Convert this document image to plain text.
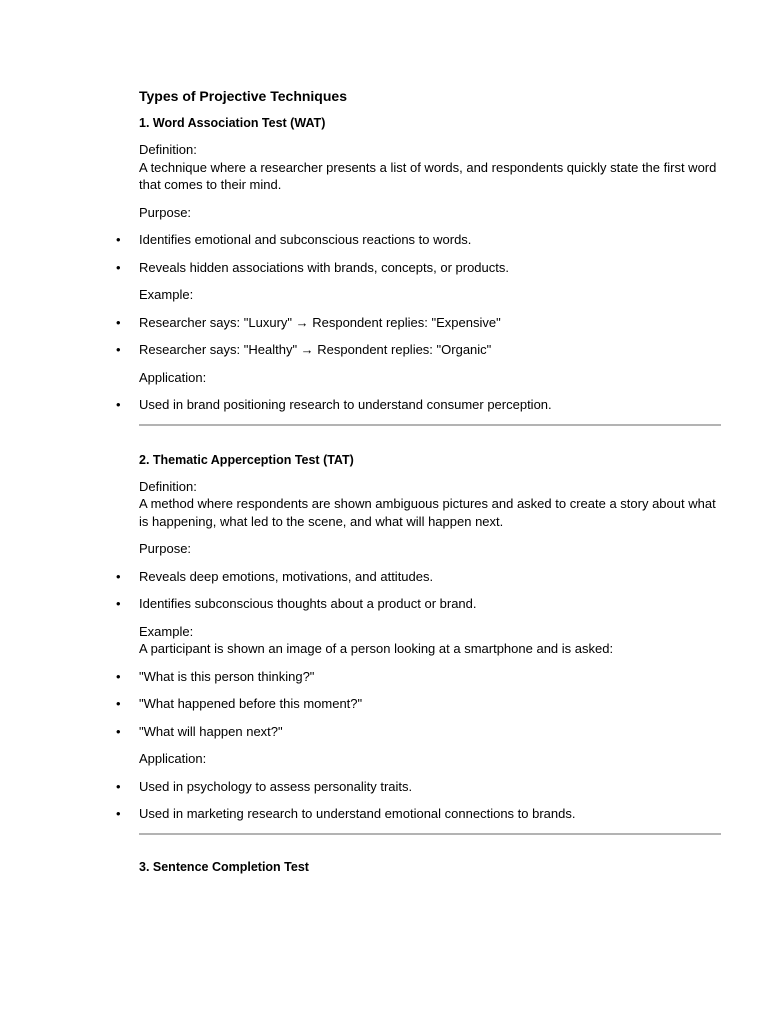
Types of Projective Techniques
1. Word Association Test (WAT)

Definition:
A technique where a researcher presents a list of words, and respondents quickly state the first word that comes to their mind.

Purpose:

• Identifies emotional and subconscious reactions to words.
• Reveals hidden associations with brands, concepts, or products.

Example:

• Researcher says: "Luxury" → Respondent replies: "Expensive"
• Researcher says: "Healthy" → Respondent replies: "Organic"

Application:

• Used in brand positioning research to understand consumer perception.
2. Thematic Apperception Test (TAT)

Definition:
A method where respondents are shown ambiguous pictures and asked to create a story about what is happening, what led to the scene, and what will happen next.

Purpose:

• Reveals deep emotions, motivations, and attitudes.
• Identifies subconscious thoughts about a product or brand.

Example:
A participant is shown an image of a person looking at a smartphone and is asked:

• "What is this person thinking?"
• "What happened before this moment?"
• "What will happen next?"

Application:

• Used in psychology to assess personality traits.
• Used in marketing research to understand emotional connections to brands.
3. Sentence Completion Test
